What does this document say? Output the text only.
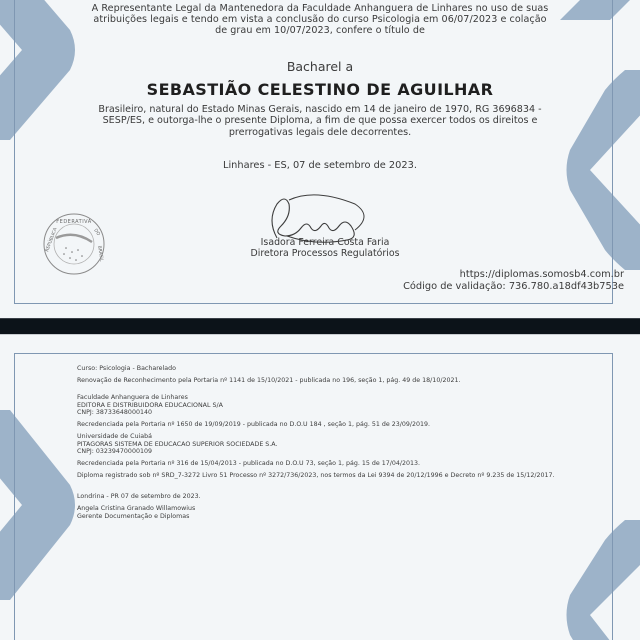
A Representante Legal da Mantenedora da Faculdade Anhanguera de Linhares no uso de suas atribuições legais e tendo em vista a conclusão do curso Psicologia em 06/07/2023 e colação de grau em 10/07/2023, confere o título de

Bacharel a

SEBASTIÃO CELESTINO DE AGUILHAR

Brasileiro, natural do Estado Minas Gerais, nascido em 14 de janeiro de 1970, RG 3696834 - SESP/ES, e outorga-lhe o presente Diploma, a fim de que possa exercer todos os direitos e prerrogativas legais dele decorrentes.

Linhares - ES, 07 de setembro de 2023.

FEDERATIVA
REPÚBLICA	DO
BRASIL

Isadora Ferreira Costa Faria
Diretora Processos Regulatórios

https://diplomas.somosb4.com.br
Código de validação: 736.780.a18df43b753e
Curso: Psicologia - Bacharelado
Renovação de Reconhecimento pela Portaria nº 1141 de 15/10/2021 - publicada no 196, seção 1, pág. 49 de 18/10/2021.
Faculdade Anhanguera de Linhares
EDITORA E DISTRIBUIDORA EDUCACIONAL S/A
CNPJ: 38733648000140
Recredenciada pela Portaria nº 1650 de 19/09/2019 - publicada no D.O.U 184 , seção 1, pág. 51 de 23/09/2019.
Universidade de Cuiabá
PITAGORAS SISTEMA DE EDUCACAO SUPERIOR SOCIEDADE S.A.
CNPJ: 03239470000109
Recredenciada pela Portaria nº 316 de 15/04/2013 - publicada no D.O.U 73, seção 1, pág. 15 de 17/04/2013.
Diploma registrado sob nº SRD_7-3272 Livro 51 Processo nº 3272/736/2023, nos termos da Lei 9394 de 20/12/1996 e Decreto nº 9.235 de 15/12/2017.
Londrina - PR 07 de setembro de 2023.
Angela Cristina Granado Willamowius
Gerente Documentação e Diplomas
